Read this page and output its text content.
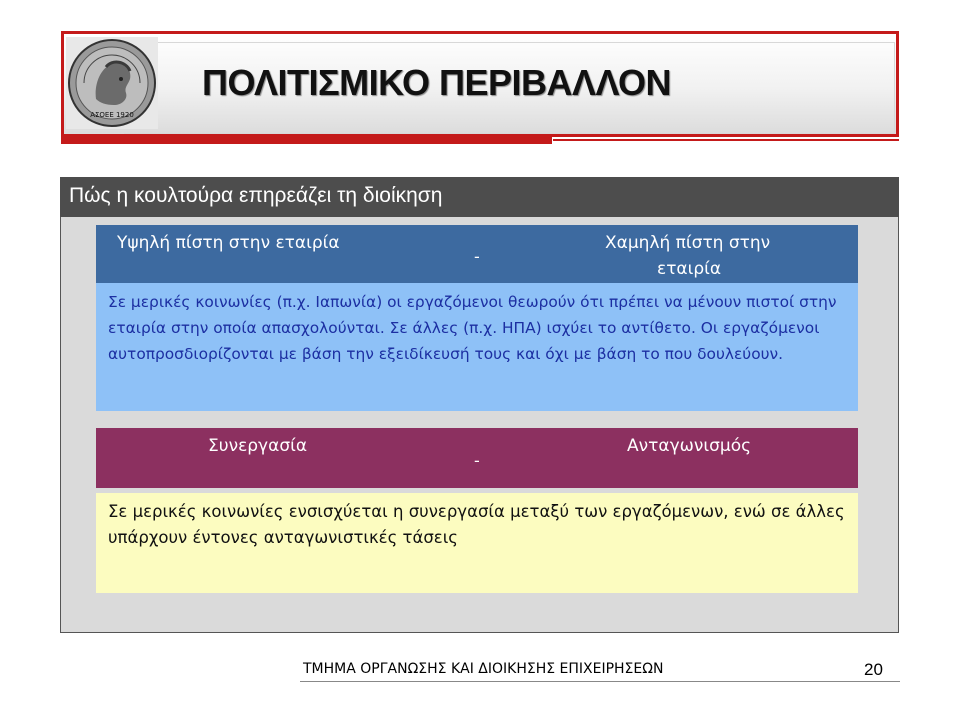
ΑΣΟΕΕ 1920
ΠΟΛΙΤΙΣΜΙΚΟ ΠΕΡΙΒΑΛΛΟΝ
Πώς η κουλτούρα επηρεάζει τη διοίκηση
Υψηλή πίστη στην εταιρία
-
Χαμηλή πίστη στην
εταιρία
Σε μερικές κοινωνίες (π.χ. Ιαπωνία) οι εργαζόμενοι θεωρούν ότι πρέπει να μένουν πιστοί στην εταιρία στην οποία απασχολούνται. Σε άλλες (π.χ. ΗΠΑ) ισχύει το αντίθετο. Οι εργαζόμενοι αυτοπροσδιορίζονται με βάση την εξειδίκευσή τους και όχι με βάση το που δουλεύουν.
Συνεργασία
-
Ανταγωνισμός
Σε μερικές κοινωνίες ενσισχύεται η συνεργασία μεταξύ των εργαζόμενων, ενώ σε άλλες υπάρχουν έντονες ανταγωνιστικές τάσεις
ΤΜΗΜΑ ΟΡΓΑΝΩΣΗΣ ΚΑΙ ΔΙΟΙΚΗΣΗΣ ΕΠΙΧΕΙΡΗΣΕΩΝ	20
